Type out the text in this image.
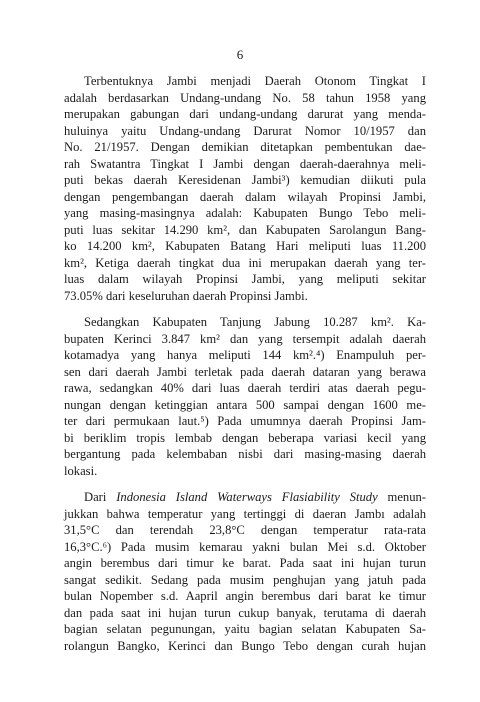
6
Terbentuknya Jambi menjadi Daerah Otonom Tingkat I
adalah berdasarkan Undang-undang No. 58 tahun 1958 yang
merupakan gabungan dari undang-undang darurat yang menda-
huluinya yaitu Undang-undang Darurat Nomor 10/1957 dan
No. 21/1957. Dengan demikian ditetapkan pembentukan dae-
rah Swatantra Tingkat I Jambi dengan daerah-daerahnya meli-
puti bekas daerah Keresidenan Jambi³) kemudian diikuti pula
dengan pengembangan daerah dalam wilayah Propinsi Jambi,
yang masing-masingnya adalah: Kabupaten Bungo Tebo meli-
puti luas sekitar 14.290 km², dan Kabupaten Sarolangun Bang-
ko 14.200 km², Kabupaten Batang Hari meliputi luas 11.200
km², Ketiga daerah tingkat dua ini merupakan daerah yang ter-
luas dalam wilayah Propinsi Jambi, yang meliputi sekitar
73.05% dari keseluruhan daerah Propinsi Jambi.
Sedangkan Kabupaten Tanjung Jabung 10.287 km². Ka-
bupaten Kerinci 3.847 km² dan yang tersempit adalah daerah
kotamadya yang hanya meliputi 144 km².⁴) Enampuluh per-
sen dari daerah Jambi terletak pada daerah dataran yang berawa
rawa, sedangkan 40% dari luas daerah terdiri atas daerah pegu-
nungan dengan ketinggian antara 500 sampai dengan 1600 me-
ter dari permukaan laut.⁵) Pada umumnya daerah Propinsi Jam-
bi beriklim tropis lembab dengan beberapa variasi kecil yang
bergantung pada kelembaban nisbi dari masing-masing daerah
lokasi.
Dari Indonesia Island Waterways Flasiability Study menun-
jukkan bahwa temperatur yang tertinggi di daeran Jambı adalah
31,5°C dan terendah 23,8°C dengan temperatur rata-rata
16,3°C.⁶) Pada musim kemarau yakni bulan Mei s.d. Oktober
angin berembus dari timur ke barat. Pada saat ini hujan turun
sangat sedikit. Sedang pada musim penghujan yang jatuh pada
bulan Nopember s.d. Aapril angin berembus dari barat ke timur
dan pada saat ini hujan turun cukup banyak, terutama di daerah
bagian selatan pegunungan, yaitu bagian selatan Kabupaten Sa-
rolangun Bangko, Kerinci dan Bungo Tebo dengan curah hujan
